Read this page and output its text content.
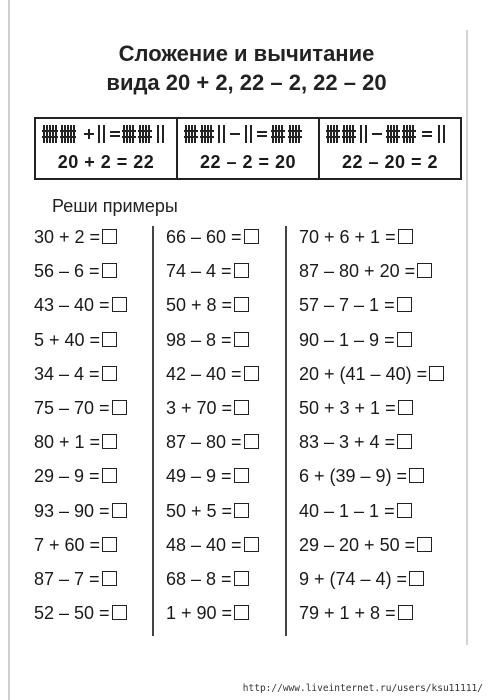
Сложение и вычитание
вида 20 + 2, 22 – 2, 22 – 20
20 + 2 = 22	22 – 2 = 20	22 – 20 = 2
Реши примеры
30 + 2 =
56 – 6 =
43 – 40 =
5 + 40 =
34 – 4 =
75 – 70 =
80 + 1 =
29 – 9 =
93 – 90 =
7 + 60 =
87 – 7 =
52 – 50 =
66 – 60 =
74 – 4 =
50 + 8 =
98 – 8 =
42 – 40 =
3 + 70 =
87 – 80 =
49 – 9 =
50 + 5 =
48 – 40 =
68 – 8 =
1 + 90 =
70 + 6 + 1 =
87 – 80 + 20 =
57 – 7 – 1 =
90 – 1 – 9 =
20 + (41 – 40) =
50 + 3 + 1 =
83 – 3 + 4 =
6 + (39 – 9) =
40 – 1 – 1 =
29 – 20 + 50 =
9 + (74 – 4) =
79 + 1 + 8 =
http://www.liveinternet.ru/users/ksu11111/
